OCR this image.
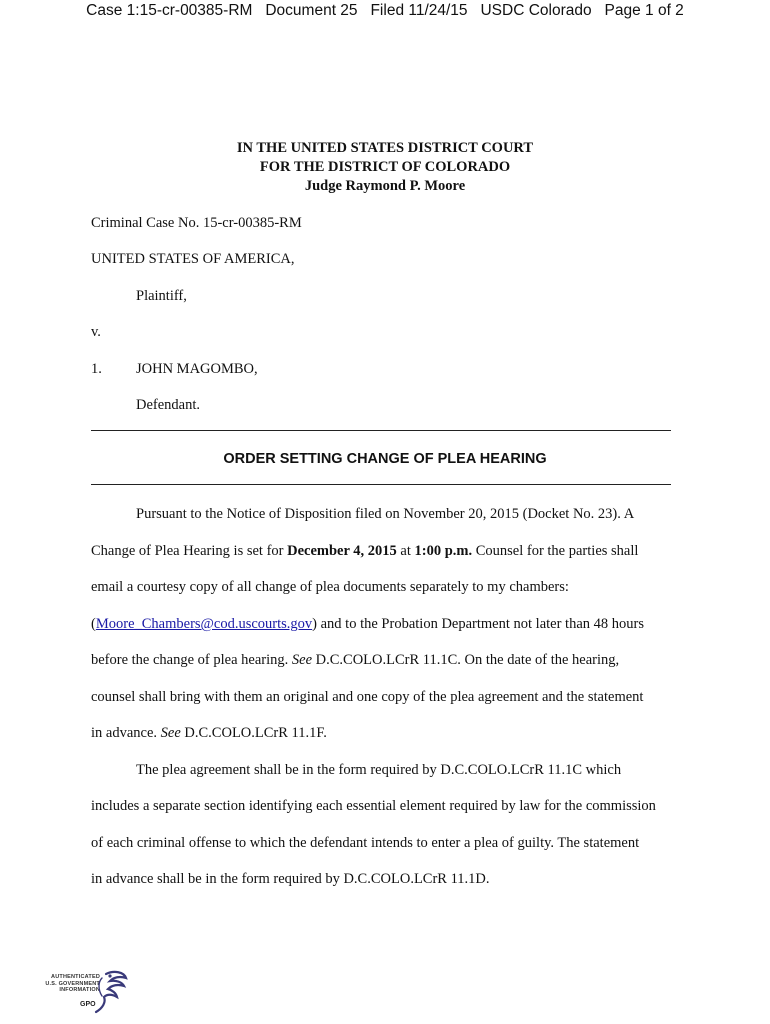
Case 1:15-cr-00385-RM   Document 25   Filed 11/24/15   USDC Colorado   Page 1 of 2
IN THE UNITED STATES DISTRICT COURT
FOR THE DISTRICT OF COLORADO
Judge Raymond P. Moore
Criminal Case No. 15-cr-00385-RM
UNITED STATES OF AMERICA,
Plaintiff,
v.
1. JOHN MAGOMBO,
Defendant.
ORDER SETTING CHANGE OF PLEA HEARING
Pursuant to the Notice of Disposition filed on November 20, 2015 (Docket No. 23). A
Change of Plea Hearing is set for December 4, 2015 at 1:00 p.m. Counsel for the parties shall
email a courtesy copy of all change of plea documents separately to my chambers:
(Moore_Chambers@cod.uscourts.gov) and to the Probation Department not later than 48 hours
before the change of plea hearing. See D.C.COLO.LCrR 11.1C. On the date of the hearing,
counsel shall bring with them an original and one copy of the plea agreement and the statement
in advance. See D.C.COLO.LCrR 11.1F.
The plea agreement shall be in the form required by D.C.COLO.LCrR 11.1C which
includes a separate section identifying each essential element required by law for the commission
of each criminal offense to which the defendant intends to enter a plea of guilty. The statement
in advance shall be in the form required by D.C.COLO.LCrR 11.1D.
AUTHENTICATED
U.S. GOVERNMENT
INFORMATION
GPO
